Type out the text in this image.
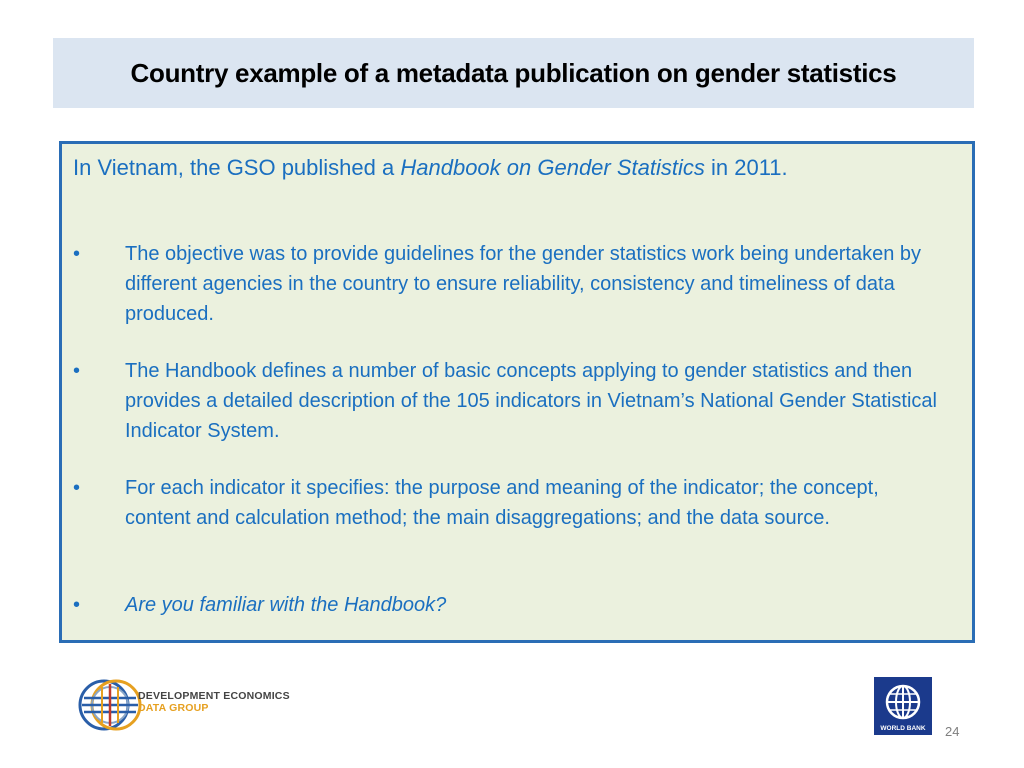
Country example of a metadata publication on gender statistics
In Vietnam, the GSO published a Handbook on Gender Statistics in 2011.
•	The objective was to provide guidelines for the gender statistics work being undertaken by different agencies in the country to ensure reliability, consistency and timeliness of data produced.
•	The Handbook defines a number of basic concepts applying to gender statistics and then provides a detailed description of the 105 indicators in Vietnam’s National Gender Statistical Indicator System.
•	For each indicator it specifies: the purpose and meaning of the indicator; the concept, content and calculation method; the main disaggregations; and the data source.
•	Are you familiar with the Handbook?
DEVELOPMENT ECONOMICS
DATA GROUP
WORLD BANK	24
